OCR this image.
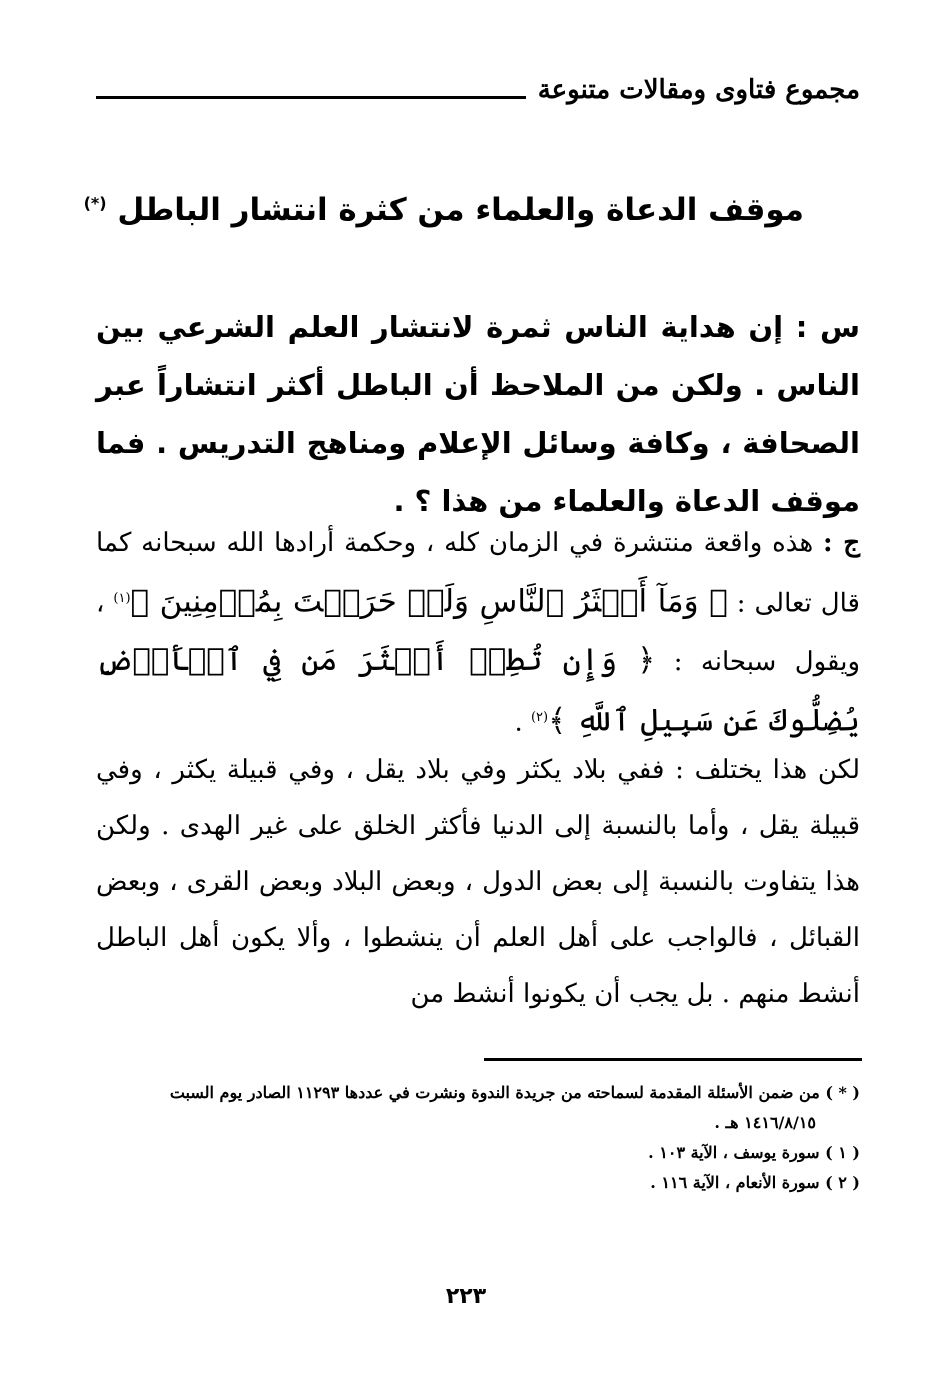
مجموع فتاوى ومقالات متنوعة
موقف الدعاة والعلماء من كثرة انتشار الباطل (*)
س : إن هداية الناس ثمرة لانتشار العلم الشرعي بين الناس . ولكن من الملاحظ أن الباطل أكثر انتشاراً عبر الصحافة ، وكافة وسائل الإعلام ومناهج التدريس . فما موقف الدعاة والعلماء من هذا ؟ .
ج : هذه واقعة منتشرة في الزمان كله ، وحكمة أرادها الله سبحانه كما قال تعالى : ﴿ وَمَآ أَكۡثَرُ ٱلنَّاسِ وَلَوۡ حَرَصۡتَ بِمُؤۡمِنِينَ ﴾$^{(١)}$ ، ويقول سبحانه : ﴿ وَإِن تُطِعۡ أَكۡثَرَ مَن فِي ٱلۡأَرۡضِ يُضِلُّوكَ عَن سَبِيلِ ٱللَّهِ ﴾$^{(٢)}$ .
لكن هذا يختلف : ففي بلاد يكثر وفي بلاد يقل ، وفي قبيلة يكثر ، وفي قبيلة يقل ، وأما بالنسبة إلى الدنيا فأكثر الخلق على غير الهدى . ولكن هذا يتفاوت بالنسبة إلى بعض الدول ، وبعض البلاد وبعض القرى ، وبعض القبائل ، فالواجب على أهل العلم أن ينشطوا ، وألا يكون أهل الباطل أنشط منهم . بل يجب أن يكونوا أنشط من

( * ) من ضمن الأسئلة المقدمة لسماحته من جريدة الندوة ونشرت في عددها ١١٢٩٣ الصادر يوم السبت

١٤١٦/٨/١٥ هـ .

( ١ ) سورة يوسف ، الآية ١٠٣ .

( ٢ ) سورة الأنعام ، الآية ١١٦ .

٢٢٣
